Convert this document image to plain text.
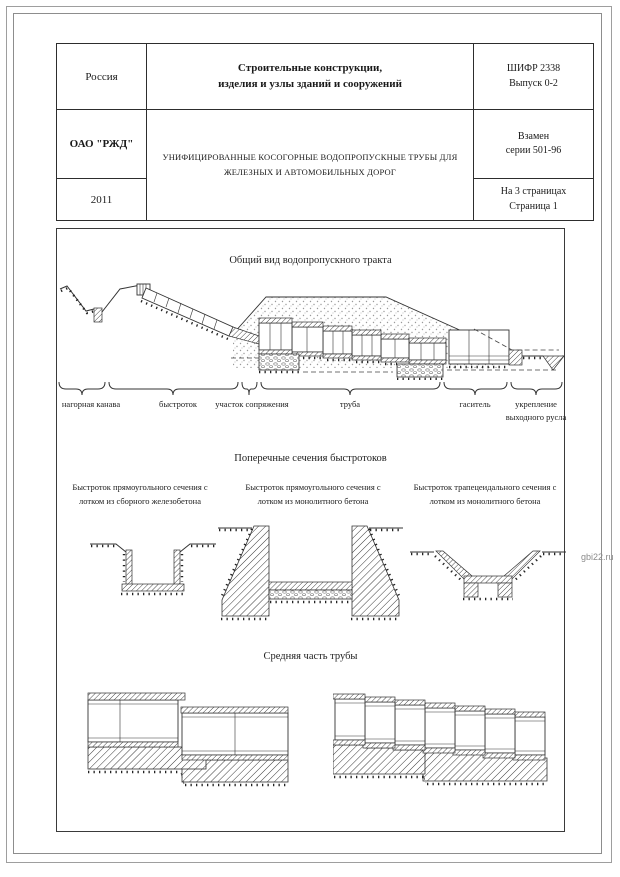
Россия	Строительные конструкции,
изделия и узлы зданий и сооружений	ШИФР 2338
Выпуск 0-2

ОАО "РЖД"	УНИФИЦИРОВАННЫЕ КОСОГОРНЫЕ ВОДОПРОПУСКНЫЕ ТРУБЫ ДЛЯ
ЖЕЛЕЗНЫХ И АВТОМОБИЛЬНЫХ ДОРОГ	Взамен
серии 501-96

2011		На 3 страницах
Страница 1
Общий вид водопропускного тракта
нагорная канава	быстроток	участок сопряжения	труба	гаситель	укрепление выходного русла
Поперечные сечения быстротоков
Быстроток прямоугольного сечения с лотком из сборного железобетона
Быстроток прямоугольного сечения с лотком из монолитного бетона
Быстроток трапецеидального сечения с лотком из монолитного бетона
Средняя часть трубы
gbi22.ru
